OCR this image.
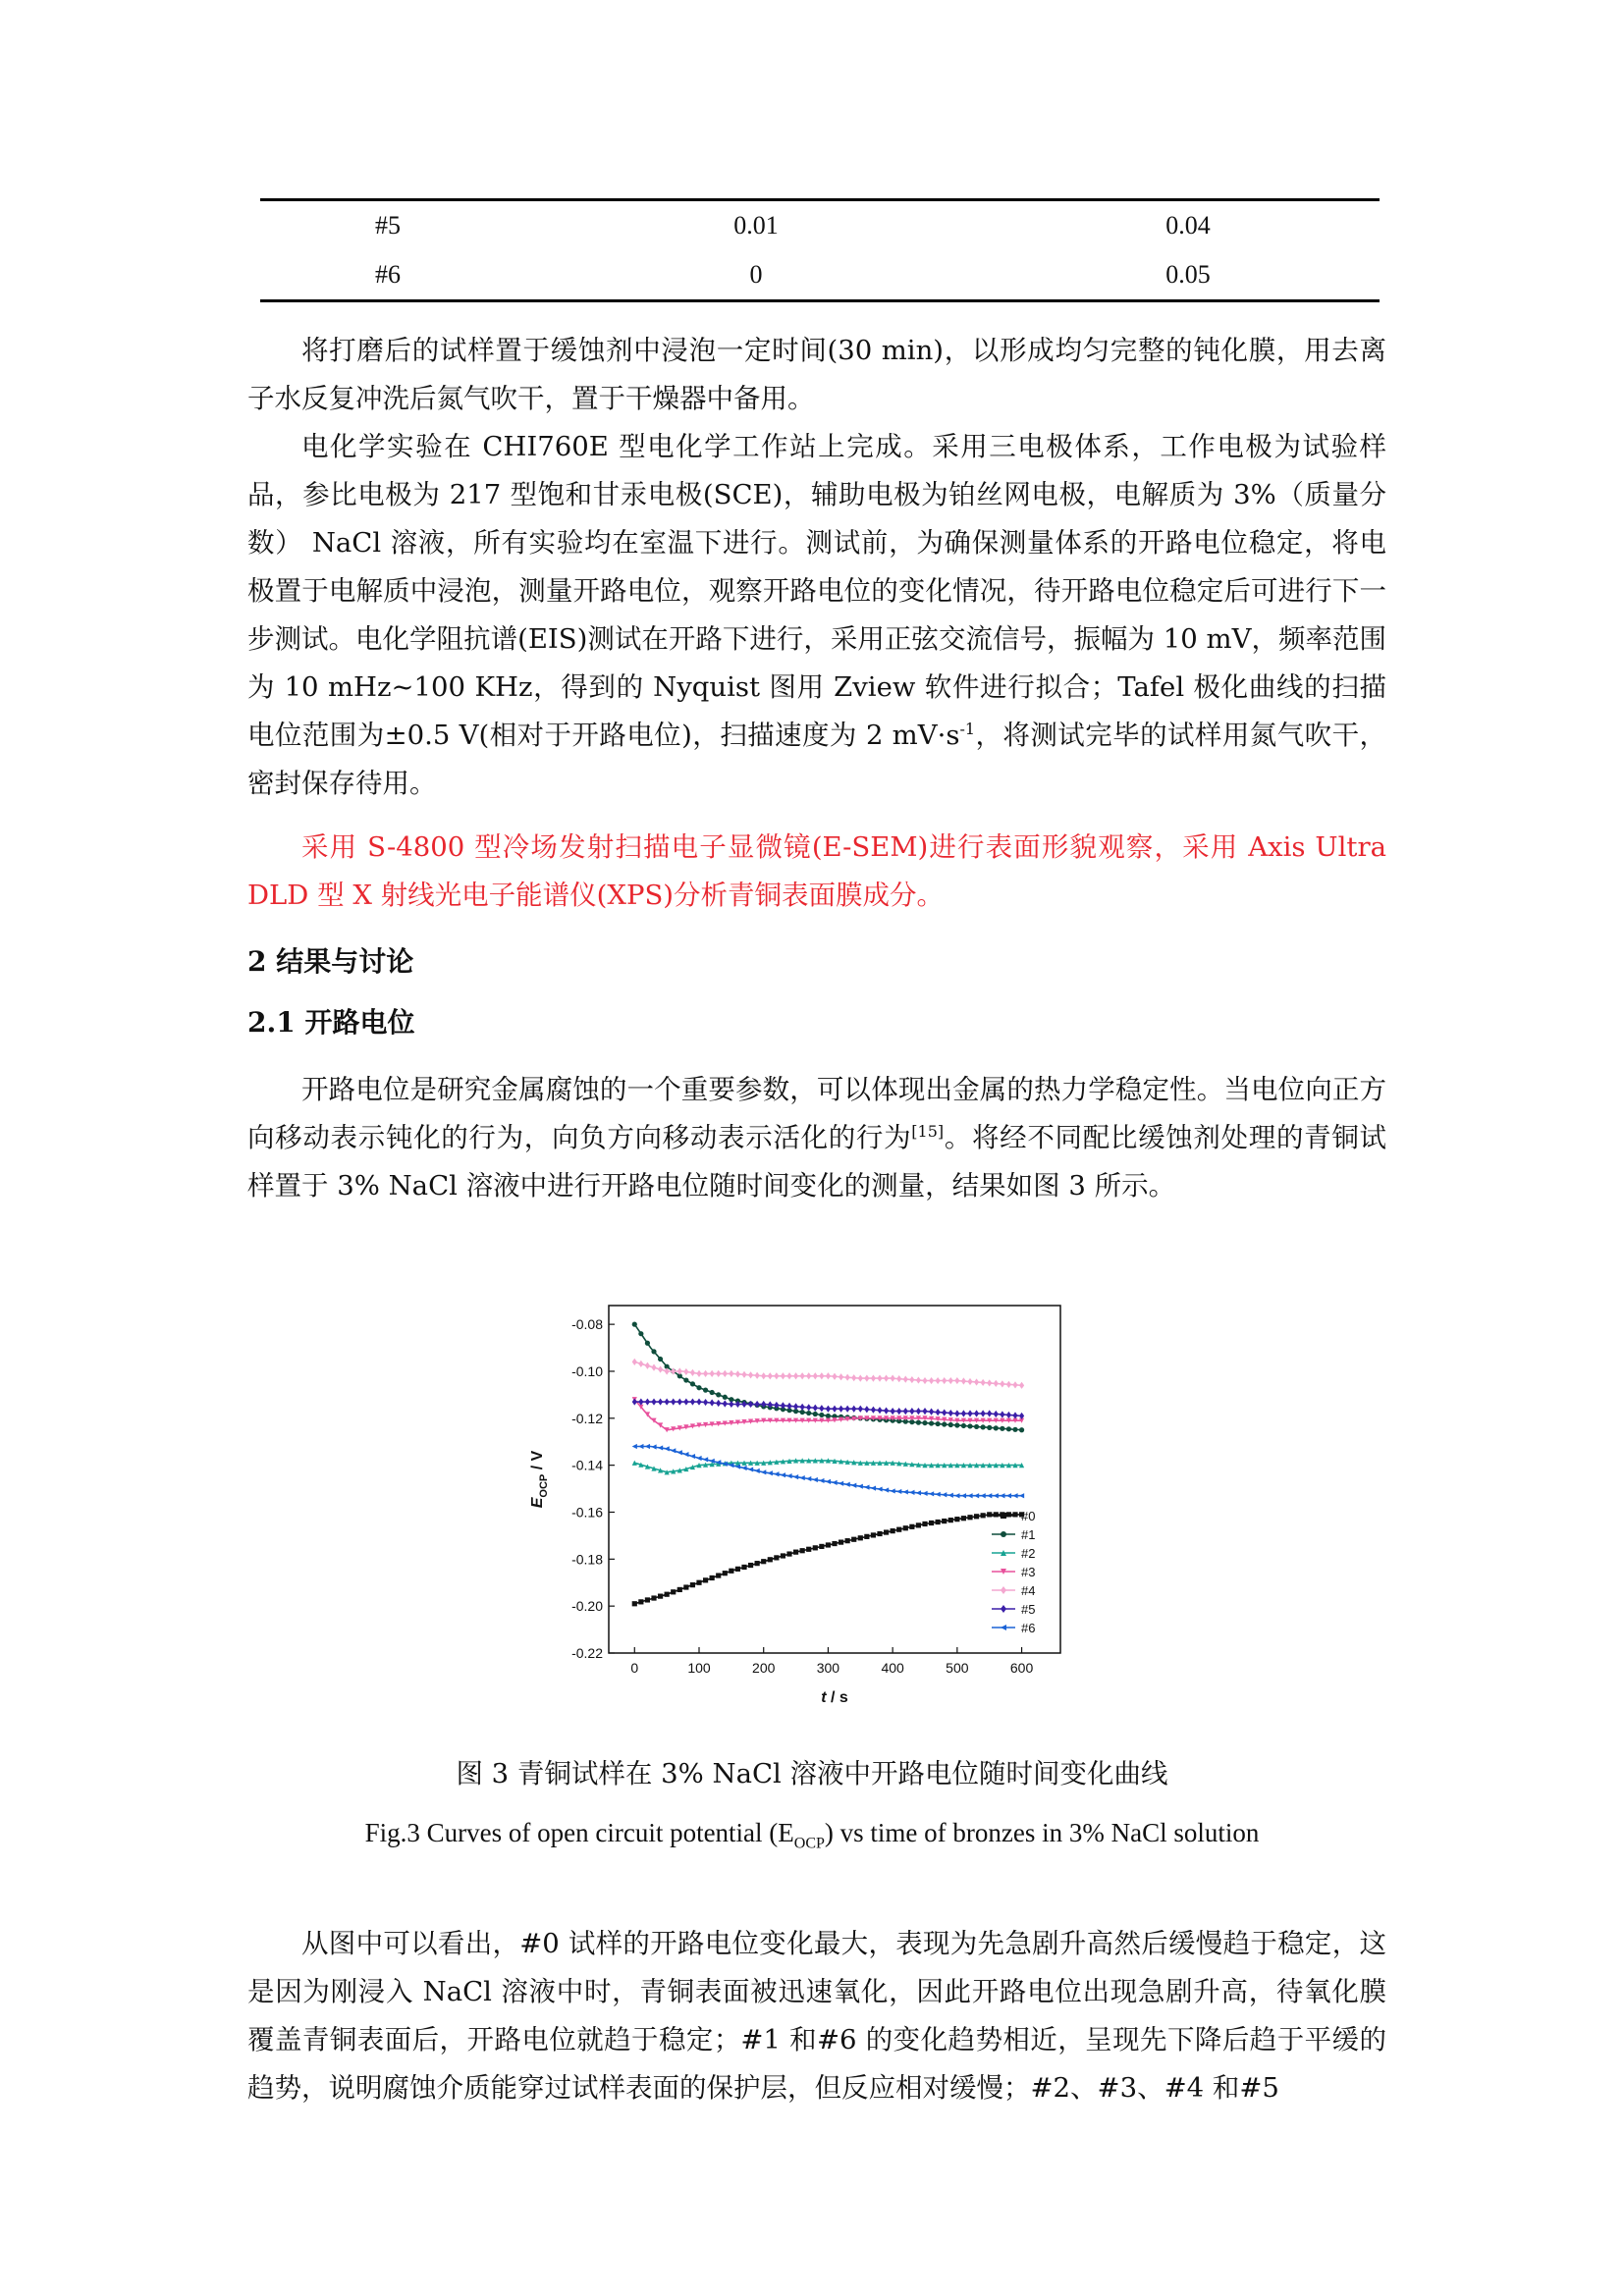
#5	0.01	0.04
#6	0	0.05

将打磨后的试样置于缓蚀剂中浸泡一定时间(30 min)，以形成均匀完整的钝化膜，用去离子水反复冲洗后氮气吹干，置于干燥器中备用。

电化学实验在 CHI760E 型电化学工作站上完成。采用三电极体系，工作电极为试验样品，参比电极为 217 型饱和甘汞电极(SCE)，辅助电极为铂丝网电极，电解质为 3%（质量分数） NaCl 溶液，所有实验均在室温下进行。测试前，为确保测量体系的开路电位稳定，将电极置于电解质中浸泡，测量开路电位，观察开路电位的变化情况，待开路电位稳定后可进行下一步测试。电化学阻抗谱(EIS)测试在开路下进行，采用正弦交流信号，振幅为 10 mV，频率范围为 10 mHz~100 KHz，得到的 Nyquist 图用 Zview 软件进行拟合；Tafel 极化曲线的扫描电位范围为±0.5 V(相对于开路电位)，扫描速度为 2 $mV\cdot s^{-1}$，将测试完毕的试样用氮气吹干，密封保存待用。

采用 S-4800 型冷场发射扫描电子显微镜(E-SEM)进行表面形貌观察，采用 Axis Ultra DLD 型 X 射线光电子能谱仪(XPS)分析青铜表面膜成分。

2 结果与讨论
2.1 开路电位

开路电位是研究金属腐蚀的一个重要参数，可以体现出金属的热力学稳定性。当电位向正方向移动表示钝化的行为，向负方向移动表示活化的行为[15]。将经不同配比缓蚀剂处理的青铜试样置于 3% NaCl 溶液中进行开路电位随时间变化的测量，结果如图 3 所示。

-0.08
-0.10
-0.12
-0.14
-0.16
-0.18
-0.20
-0.22
0	100	200	300	400	500	600
t / s
$E_{OCP}$ / V
#0
#1
#2
#3
#4
#5
#6

图 3 青铜试样在 3% NaCl 溶液中开路电位随时间变化曲线

Fig.3 Curves of open circuit potential $(E_{OCP})$ vs time of bronzes in 3% NaCl solution

从图中可以看出，#0 试样的开路电位变化最大，表现为先急剧升高然后缓慢趋于稳定，这是因为刚浸入 NaCl 溶液中时，青铜表面被迅速氧化，因此开路电位出现急剧升高，待氧化膜覆盖青铜表面后，开路电位就趋于稳定；#1 和#6 的变化趋势相近，呈现先下降后趋于平缓的趋势，说明腐蚀介质能穿过试样表面的保护层，但反应相对缓慢；#2、#3、#4 和#5
